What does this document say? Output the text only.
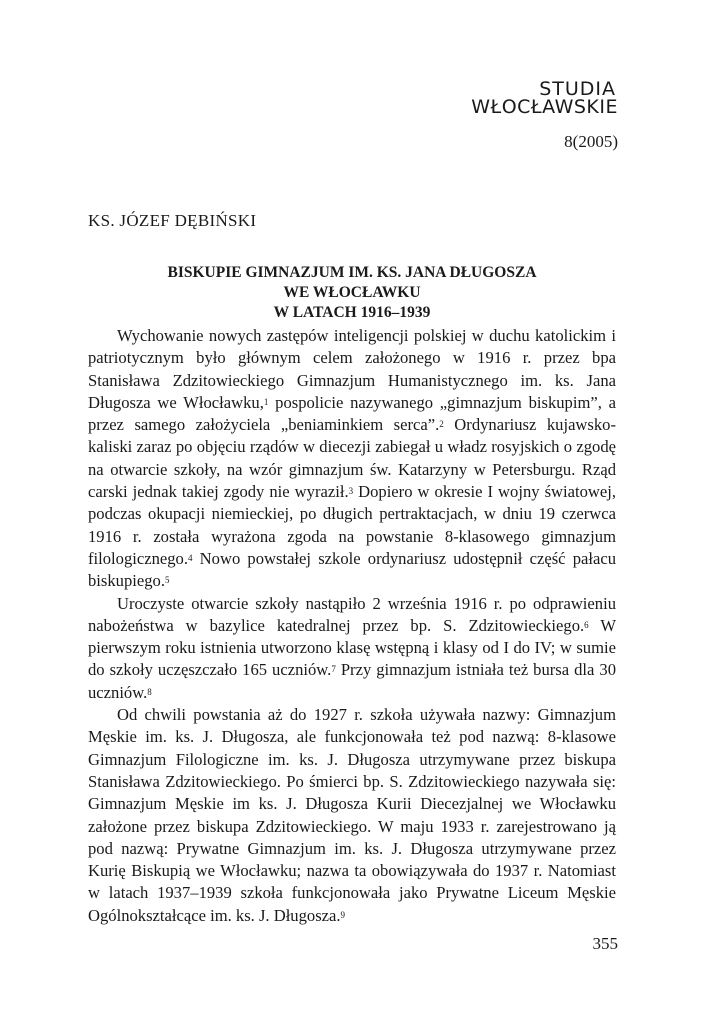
STUDIA
WŁOCŁAWSKIE
8(2005)
KS. JÓZEF DĘBIŃSKI
BISKUPIE GIMNAZJUM IM. KS. JANA DŁUGOSZA
WE WŁOCŁAWKU
W LATACH 1916–1939

Wychowanie nowych zastępów inteligencji polskiej w duchu katolickim i patriotycznym było głównym celem założonego w 1916 r. przez bpa Stanisława Zdzitowieckiego Gimnazjum Humanistycznego im. ks. Jana Długosza we Włocławku,$^1$ pospolicie nazywanego „gimnazjum biskupim”, a przez samego założyciela „beniaminkiem serca”.$^2$ Ordynariusz kujawsko-kaliski zaraz po objęciu rządów w diecezji zabiegał u władz rosyjskich o zgodę na otwarcie szkoły, na wzór gimnazjum św. Katarzyny w Petersburgu. Rząd carski jednak takiej zgody nie wyraził.$^3$ Dopiero w okresie I wojny światowej, podczas okupacji niemieckiej, po długich pertraktacjach, w dniu 19 czerwca 1916 r. została wyrażona zgoda na powstanie 8-klasowego gimnazjum filologicznego.$^4$ Nowo powstałej szkole ordynariusz udostępnił część pałacu biskupiego.$^5$

Uroczyste otwarcie szkoły nastąpiło 2 września 1916 r. po odprawieniu nabożeństwa w bazylice katedralnej przez bp. S. Zdzitowieckiego.$^6$ W pierwszym roku istnienia utworzono klasę wstępną i klasy od I do IV; w sumie do szkoły uczęszczało 165 uczniów.$^7$ Przy gimnazjum istniała też bursa dla 30 uczniów.$^8$

Od chwili powstania aż do 1927 r. szkoła używała nazwy: Gimnazjum Męskie im. ks. J. Długosza, ale funkcjonowała też pod nazwą: 8-klasowe Gimnazjum Filologiczne im. ks. J. Długosza utrzymywane przez biskupa Stanisława Zdzitowieckiego. Po śmierci bp. S. Zdzitowieckiego nazywała się: Gimnazjum Męskie im ks. J. Długosza Kurii Diecezjalnej we Włocławku założone przez biskupa Zdzitowieckiego. W maju 1933 r. zarejestrowano ją pod nazwą: Prywatne Gimnazjum im. ks. J. Długosza utrzymywane przez Kurię Biskupią we Włocławku; nazwa ta obowiązywała do 1937 r. Natomiast w latach 1937–1939 szkoła funkcjonowała jako Prywatne Liceum Męskie Ogólnokształcące im. ks. J. Długosza.$^9$

355
